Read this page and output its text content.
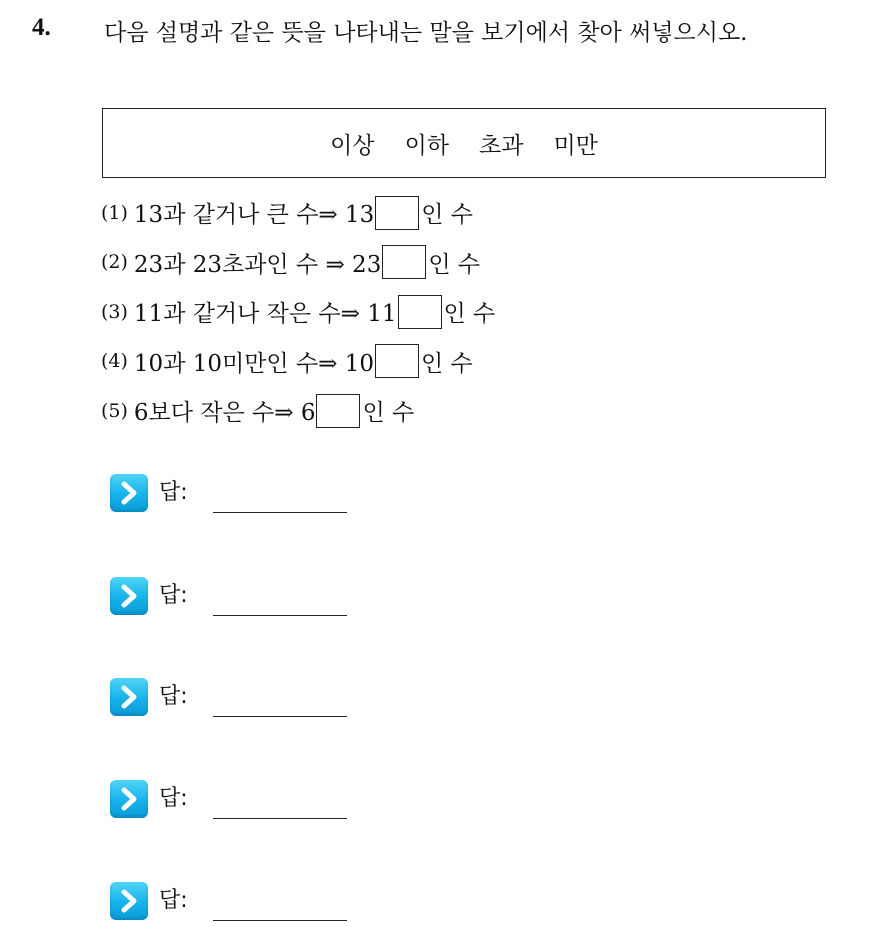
4. 다음 설명과 같은 뜻을 나타내는 말을 보기에서 찾아 써넣으시오.
이상 이하 초과 미만
(1) 13과 같거나 큰 수⇒ 13 인 수
(2) 23과 23초과인 수 ⇒ 23 인 수
(3) 11과 같거나 작은 수⇒ 11 인 수
(4) 10과 10미만인 수⇒ 10 인 수
(5) 6보다 작은 수⇒ 6 인 수
답:
답:
답:
답:
답:
